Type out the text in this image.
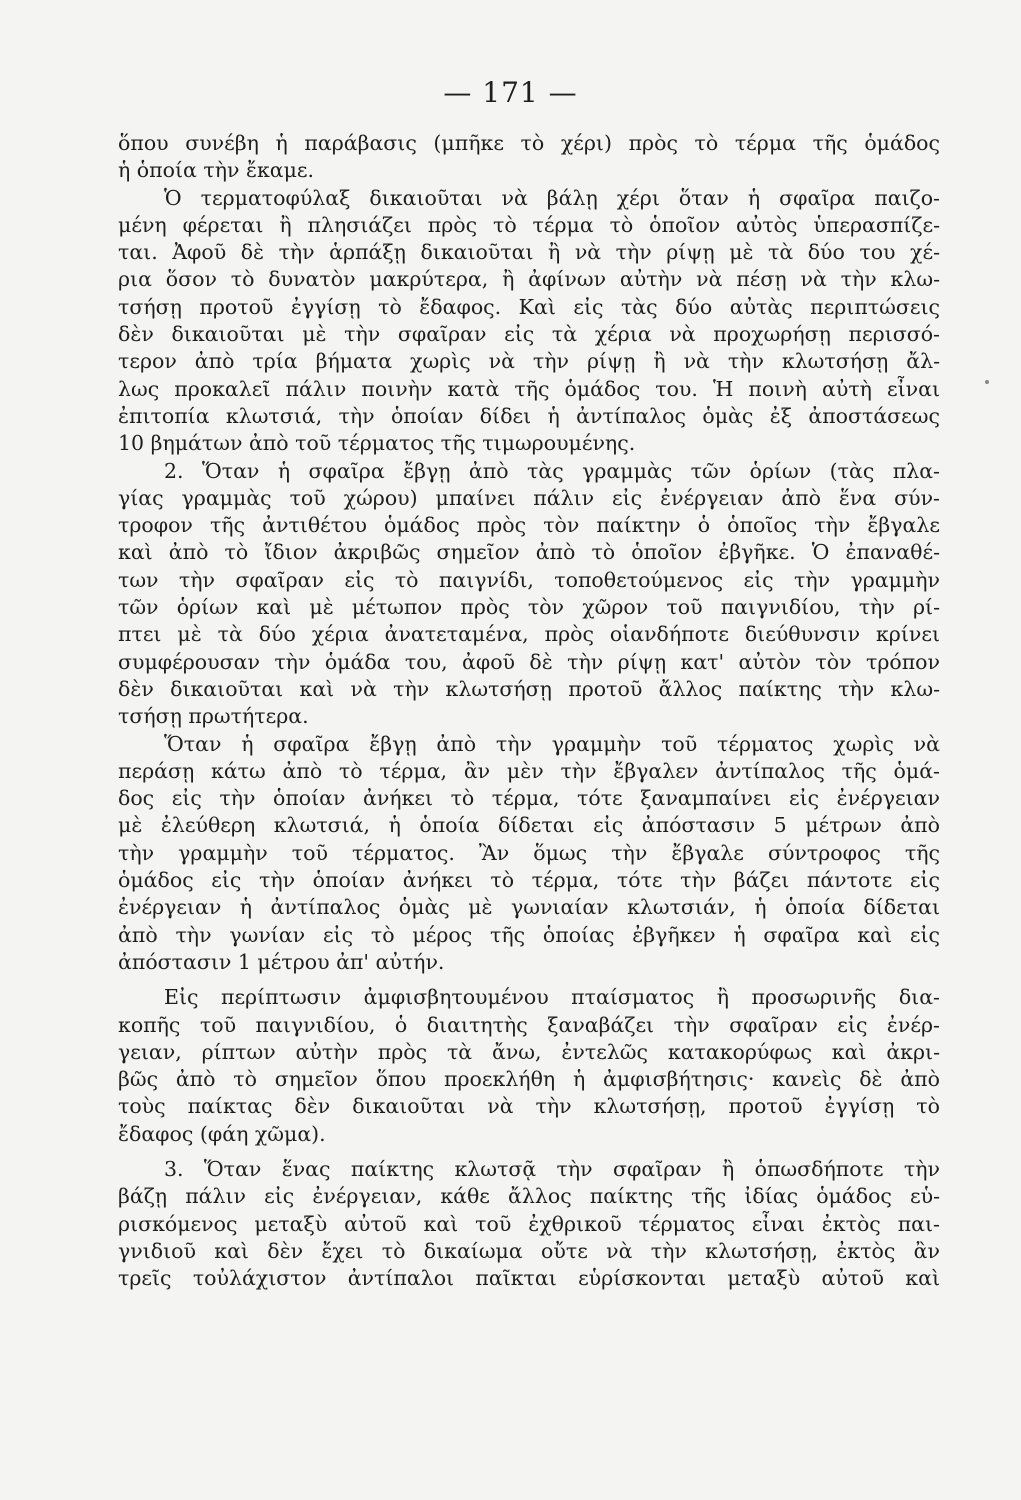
— 171 —
ὅπου συνέβη ἡ παράβασις (μπῆκε τὸ χέρι) πρὸς τὸ τέρμα τῆς ὁμάδος
ἡ ὁποία τὴν ἔκαμε.
Ὁ τερματοφύλαξ δικαιοῦται νὰ βάλῃ χέρι ὅταν ἡ σφαῖρα παιζο-
μένη φέρεται ἢ πλησιάζει πρὸς τὸ τέρμα τὸ ὁποῖον αὐτὸς ὑπερασπίζε-
ται. Ἀφοῦ δὲ τὴν ἁρπάξῃ δικαιοῦται ἢ νὰ τὴν ρίψῃ μὲ τὰ δύο του χέ-
ρια ὅσον τὸ δυνατὸν μακρύτερα, ἢ ἀφίνων αὐτὴν νὰ πέσῃ νὰ τὴν κλω-
τσήσῃ προτοῦ ἐγγίσῃ τὸ ἔδαφος. Καὶ εἰς τὰς δύο αὐτὰς περιπτώσεις
δὲν δικαιοῦται μὲ τὴν σφαῖραν εἰς τὰ χέρια νὰ προχωρήσῃ περισσό-
τερον ἀπὸ τρία βήματα χωρὶς νὰ τὴν ρίψῃ ἢ νὰ τὴν κλωτσήσῃ ἄλ-
λως προκαλεῖ πάλιν ποινὴν κατὰ τῆς ὁμάδος του. Ἡ ποινὴ αὐτὴ εἶναι
ἐπιτοπία κλωτσιά, τὴν ὁποίαν δίδει ἡ ἀντίπαλος ὁμὰς ἐξ ἀποστάσεως
10 βημάτων ἀπὸ τοῦ τέρματος τῆς τιμωρουμένης.
2. Ὅταν ἡ σφαῖρα ἔβγῃ ἀπὸ τὰς γραμμὰς τῶν ὁρίων (τὰς πλα-
γίας γραμμὰς τοῦ χώρου) μπαίνει πάλιν εἰς ἐνέργειαν ἀπὸ ἕνα σύν-
τροφον τῆς ἀντιθέτου ὁμάδος πρὸς τὸν παίκτην ὁ ὁποῖος τὴν ἔβγαλε
καὶ ἀπὸ τὸ ἴδιον ἀκριβῶς σημεῖον ἀπὸ τὸ ὁποῖον ἐβγῆκε. Ὁ ἐπαναθέ-
των τὴν σφαῖραν εἰς τὸ παιγνίδι, τοποθετούμενος εἰς τὴν γραμμὴν
τῶν ὁρίων καὶ μὲ μέτωπον πρὸς τὸν χῶρον τοῦ παιγνιδίου, τὴν ρί-
πτει μὲ τὰ δύο χέρια ἀνατεταμένα, πρὸς οἱανδήποτε διεύθυνσιν κρίνει
συμφέρουσαν τὴν ὁμάδα του, ἀφοῦ δὲ τὴν ρίψῃ κατ' αὐτὸν τὸν τρόπον
δὲν δικαιοῦται καὶ νὰ τὴν κλωτσήσῃ προτοῦ ἄλλος παίκτης τὴν κλω-
τσήσῃ πρωτήτερα.
Ὅταν ἡ σφαῖρα ἔβγῃ ἀπὸ τὴν γραμμὴν τοῦ τέρματος χωρὶς νὰ
περάσῃ κάτω ἀπὸ τὸ τέρμα, ἂν μὲν τὴν ἔβγαλεν ἀντίπαλος τῆς ὁμά-
δος εἰς τὴν ὁποίαν ἀνήκει τὸ τέρμα, τότε ξαναμπαίνει εἰς ἐνέργειαν
μὲ ἐλεύθερη κλωτσιά, ἡ ὁποία δίδεται εἰς ἀπόστασιν 5 μέτρων ἀπὸ
τὴν γραμμὴν τοῦ τέρματος. Ἂν ὅμως τὴν ἔβγαλε σύντροφος τῆς
ὁμάδος εἰς τὴν ὁποίαν ἀνήκει τὸ τέρμα, τότε τὴν βάζει πάντοτε εἰς
ἐνέργειαν ἡ ἀντίπαλος ὁμὰς μὲ γωνιαίαν κλωτσιάν, ἡ ὁποία δίδεται
ἀπὸ τὴν γωνίαν εἰς τὸ μέρος τῆς ὁποίας ἐβγῆκεν ἡ σφαῖρα καὶ εἰς
ἀπόστασιν 1 μέτρου ἀπ' αὐτήν.
Εἰς περίπτωσιν ἀμφισβητουμένου πταίσματος ἢ προσωρινῆς δια-
κοπῆς τοῦ παιγνιδίου, ὁ διαιτητὴς ξαναβάζει τὴν σφαῖραν εἰς ἐνέρ-
γειαν, ρίπτων αὐτὴν πρὸς τὰ ἄνω, ἐντελῶς κατακορύφως καὶ ἀκρι-
βῶς ἀπὸ τὸ σημεῖον ὅπου προεκλήθη ἡ ἀμφισβήτησις· κανεὶς δὲ ἀπὸ
τοὺς παίκτας δὲν δικαιοῦται νὰ τὴν κλωτσήσῃ, προτοῦ ἐγγίσῃ τὸ
ἔδαφος (φάη χῶμα).
3. Ὅταν ἕνας παίκτης κλωτσᾷ τὴν σφαῖραν ἢ ὁπωσδήποτε τὴν
βάζῃ πάλιν εἰς ἐνέργειαν, κάθε ἄλλος παίκτης τῆς ἰδίας ὁμάδος εὑ-
ρισκόμενος μεταξὺ αὐτοῦ καὶ τοῦ ἐχθρικοῦ τέρματος εἶναι ἐκτὸς παι-
γνιδιοῦ καὶ δὲν ἔχει τὸ δικαίωμα οὔτε νὰ τὴν κλωτσήσῃ, ἐκτὸς ἂν
τρεῖς τοὐλάχιστον ἀντίπαλοι παῖκται εὑρίσκονται μεταξὺ αὐτοῦ καὶ
